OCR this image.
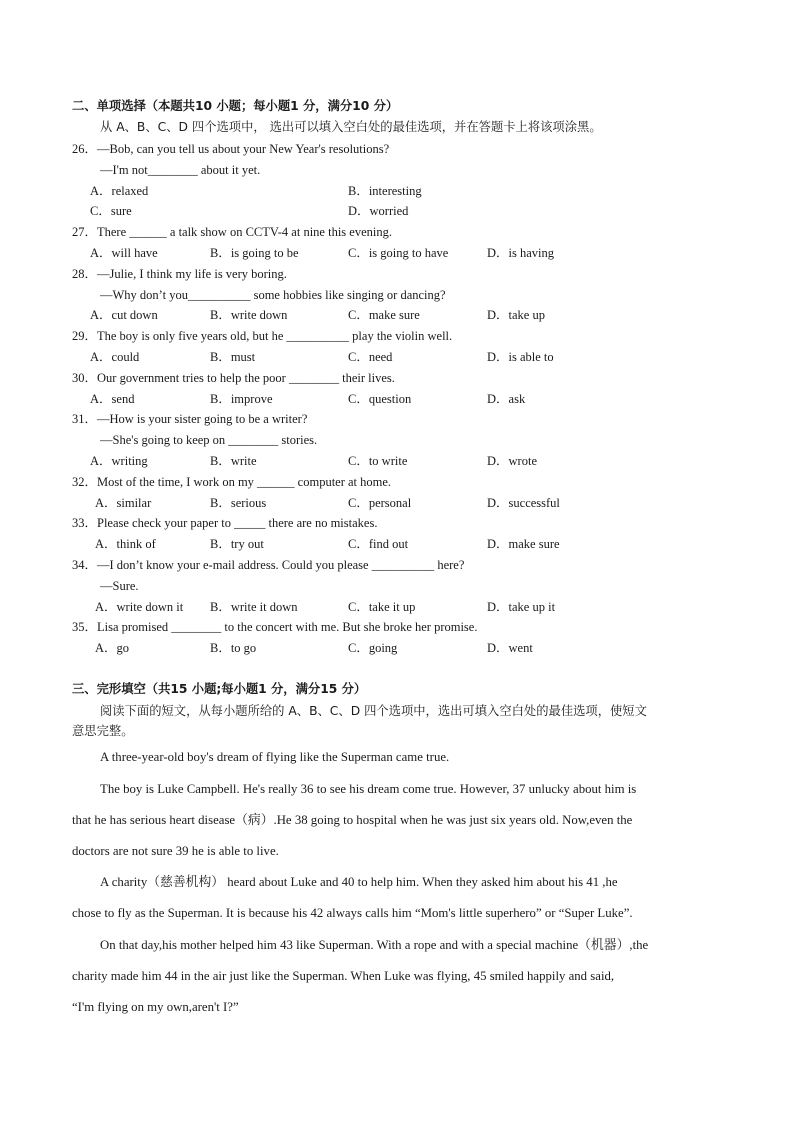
二、单项选择（本题共10 小题；每小题1 分，满分10 分）
从 A、B、C、D 四个选项中， 选出可以填入空白处的最佳选项，并在答题卡上将该项涂黑。
26．—Bob, can you tell us about your New Year's resolutions?
—I'm not________ about it yet.
A．relaxed	B．interesting
C．sure	D．worried
27．There ______ a talk show on CCTV-4 at nine this evening.
A．will have	B．is going to be	C．is going to have	D．is having
28．—Julie, I think my life is very boring.
—Why don’t you__________ some hobbies like singing or dancing?
A．cut down	B．write down	C．make sure	D．take up
29．The boy is only five years old, but he __________ play the violin well.
A．could	B．must	C．need	D．is able to
30．Our government tries to help the poor ________ their lives.
A．send	B．improve	C．question	D．ask
31．—How is your sister going to be a writer?
—She's going to keep on ________ stories.
A．writing	B．write	C．to write	D．wrote
32．Most of the time, I work on my ______ computer at home.
A．similar	B．serious	C．personal	D．successful
33．Please check your paper to _____ there are no mistakes.
A．think of	B．try out	C．find out	D．make sure
34．—I don’t know your e-mail address. Could you please __________ here?
—Sure.
A．write down it B．write it down	C．take it up	D．take up it
35．Lisa promised ________ to the concert with me. But she broke her promise.
A．go	B．to go	C．going	D．went
三、完形填空（共15 小题;每小题1 分，满分15 分）
阅读下面的短文，从每小题所给的 A、B、C、D 四个选项中，选出可填入空白处的最佳选项，使短文
意思完整。
A three-year-old boy's dream of flying like the Superman came true.
The boy is Luke Campbell. He's really 36 to see his dream come true. However, 37 unlucky about him is
that he has serious heart disease（病）.He 38 going to hospital when he was just six years old. Now,even the
doctors are not sure 39 he is able to live.
A charity（慈善机构） heard about Luke and 40 to help him. When they asked him about his 41 ,he
chose to fly as the Superman. It is because his 42 always calls him “Mom's little superhero” or “Super Luke”.
On that day,his mother helped him 43 like Superman. With a rope and with a special machine（机器）,the
charity made him 44 in the air just like the Superman. When Luke was flying, 45 smiled happily and said,
“I'm flying on my own,aren't I?”
